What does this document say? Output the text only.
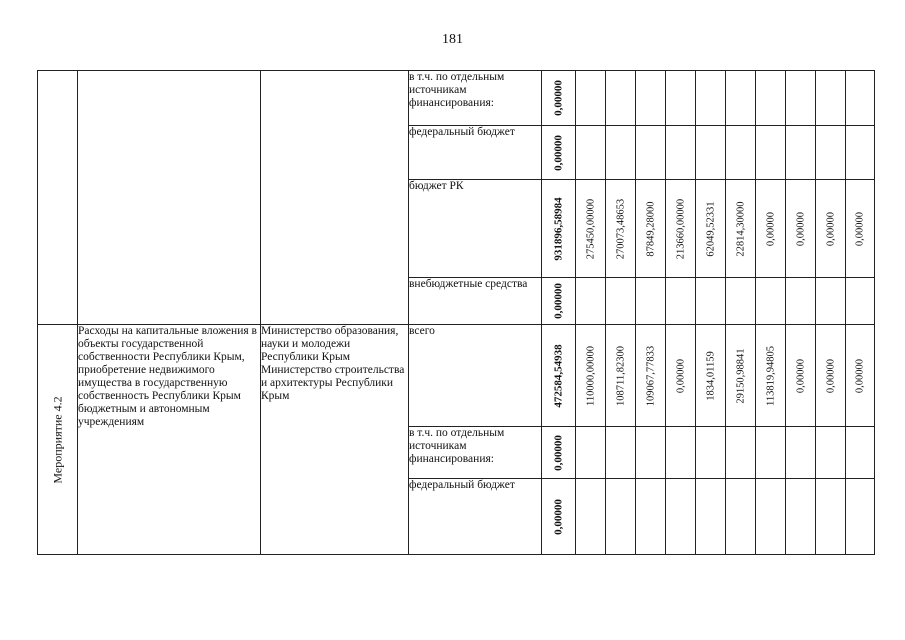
181
			в т.ч. по отдельным источникам финансирования:	0,00000										

			федеральный бюджет	0,00000										

			бюджет РК	931896,58984	275450,00000	270073,48653	87849,28000	213660,00000	62049,52331	22814,30000	0,00000	0,00000	0,00000	0,00000

			внебюджетные средства	0,00000										

Мероприятие 4.2	Расходы на капитальные вложения в объекты государственной собственности Республики Крым, приобретение недвижимого имущества в государственную собственность Республики Крым бюджетным и автономным учреждениям	Министерство образования, науки и молодежи Республики Крым Министерство строительства и архитектуры Республики Крым	всего	472584,54938	110000,00000	108711,82300	109067,77833	0,00000	1834,01159	29150,98841	113819,94805	0,00000	0,00000	0,00000

			в т.ч. по отдельным источникам финансирования:	0,00000										

			федеральный бюджет	0,00000										
